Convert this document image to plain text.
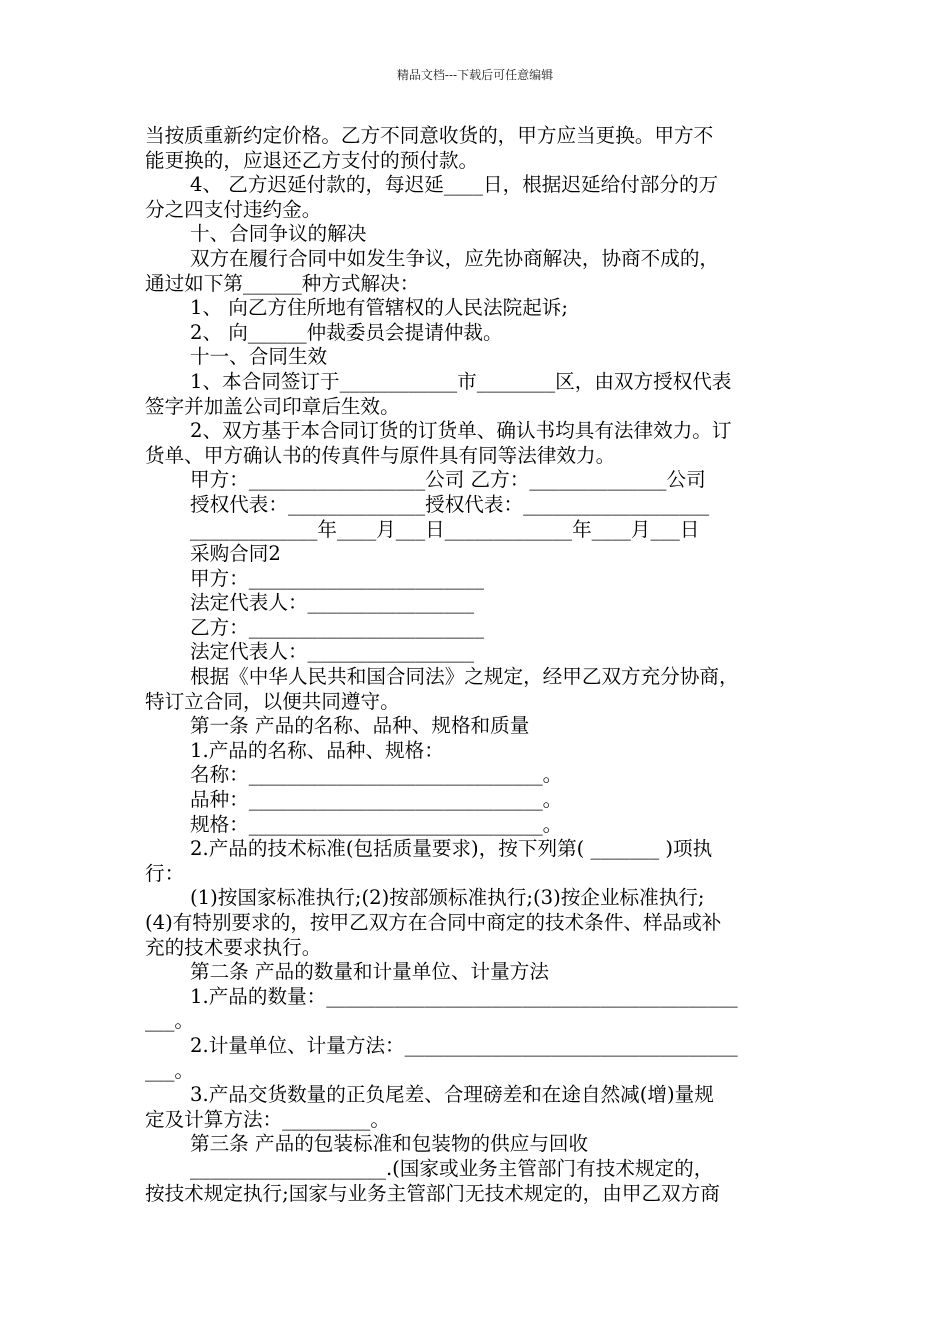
精品文档---下载后可任意编辑
当按质重新约定价格。乙方不同意收货的，甲方应当更换。甲方不
能更换的，应退还乙方支付的预付款。
4、 乙方迟延付款的，每迟延____日，根据迟延给付部分的万
分之四支付违约金。
十、合同争议的解决
双方在履行合同中如发生争议，应先协商解决，协商不成的，
通过如下第______种方式解决：
1、 向乙方住所地有管辖权的人民法院起诉;
2、 向______仲裁委员会提请仲裁。
十一、合同生效
1、本合同签订于____________市________区，由双方授权代表
签字并加盖公司印章后生效。
2、双方基于本合同订货的订货单、确认书均具有法律效力。订
货单、甲方确认书的传真件与原件具有同等法律效力。
甲方：__________________公司 乙方：______________公司
授权代表：______________授权代表：___________________
_____________年____月___日_____________年____月___日
采购合同2
甲方：________________________
法定代表人：_________________
乙方：________________________
法定代表人：_________________
根据《中华人民共和国合同法》之规定，经甲乙双方充分协商，
特订立合同，以便共同遵守。
第一条 产品的名称、品种、规格和质量
1.产品的名称、品种、规格：
名称：______________________________。
品种：______________________________。
规格：______________________________。
2.产品的技术标准(包括质量要求)，按下列第( _______ )项执
行：
(1)按国家标准执行;(2)按部颁标准执行;(3)按企业标准执行;
(4)有特别要求的，按甲乙双方在合同中商定的技术条件、样品或补
充的技术要求执行。
第二条 产品的数量和计量单位、计量方法
1.产品的数量：__________________________________________
___。
2.计量单位、计量方法：__________________________________
___。
3.产品交货数量的正负尾差、合理磅差和在途自然减(增)量规
定及计算方法：_________。
第三条 产品的包装标准和包装物的供应与回收
____________________.(国家或业务主管部门有技术规定的，
按技术规定执行;国家与业务主管部门无技术规定的，由甲乙双方商
